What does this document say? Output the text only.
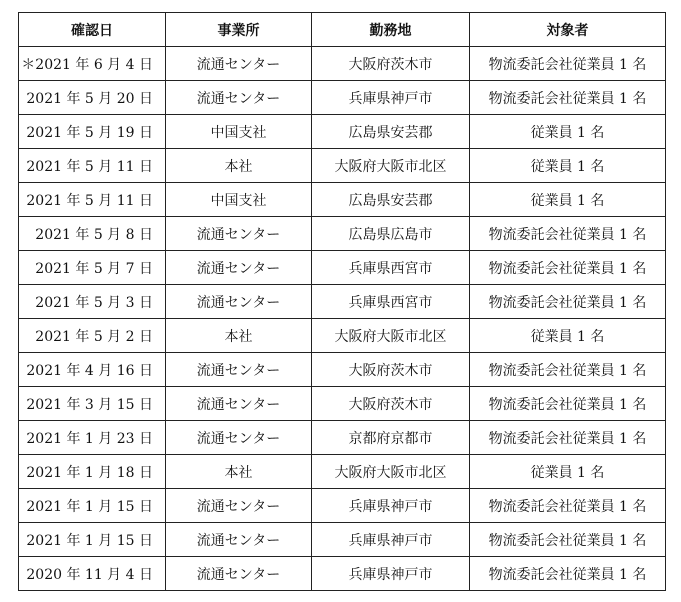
確認日	事業所	勤務地	対象者
＊2021 年 6 月 4 日	流通センター	大阪府茨木市	物流委託会社従業員 1 名
2021 年 5 月 20 日	流通センター	兵庫県神戸市	物流委託会社従業員 1 名
2021 年 5 月 19 日	中国支社	広島県安芸郡	従業員 1 名
2021 年 5 月 11 日	本社	大阪府大阪市北区	従業員 1 名
2021 年 5 月 11 日	中国支社	広島県安芸郡	従業員 1 名
2021 年 5 月 8 日	流通センター	広島県広島市	物流委託会社従業員 1 名
2021 年 5 月 7 日	流通センター	兵庫県西宮市	物流委託会社従業員 1 名
2021 年 5 月 3 日	流通センター	兵庫県西宮市	物流委託会社従業員 1 名
2021 年 5 月 2 日	本社	大阪府大阪市北区	従業員 1 名
2021 年 4 月 16 日	流通センター	大阪府茨木市	物流委託会社従業員 1 名
2021 年 3 月 15 日	流通センター	大阪府茨木市	物流委託会社従業員 1 名
2021 年 1 月 23 日	流通センター	京都府京都市	物流委託会社従業員 1 名
2021 年 1 月 18 日	本社	大阪府大阪市北区	従業員 1 名
2021 年 1 月 15 日	流通センター	兵庫県神戸市	物流委託会社従業員 1 名
2021 年 1 月 15 日	流通センター	兵庫県神戸市	物流委託会社従業員 1 名
2020 年 11 月 4 日	流通センター	兵庫県神戸市	物流委託会社従業員 1 名
